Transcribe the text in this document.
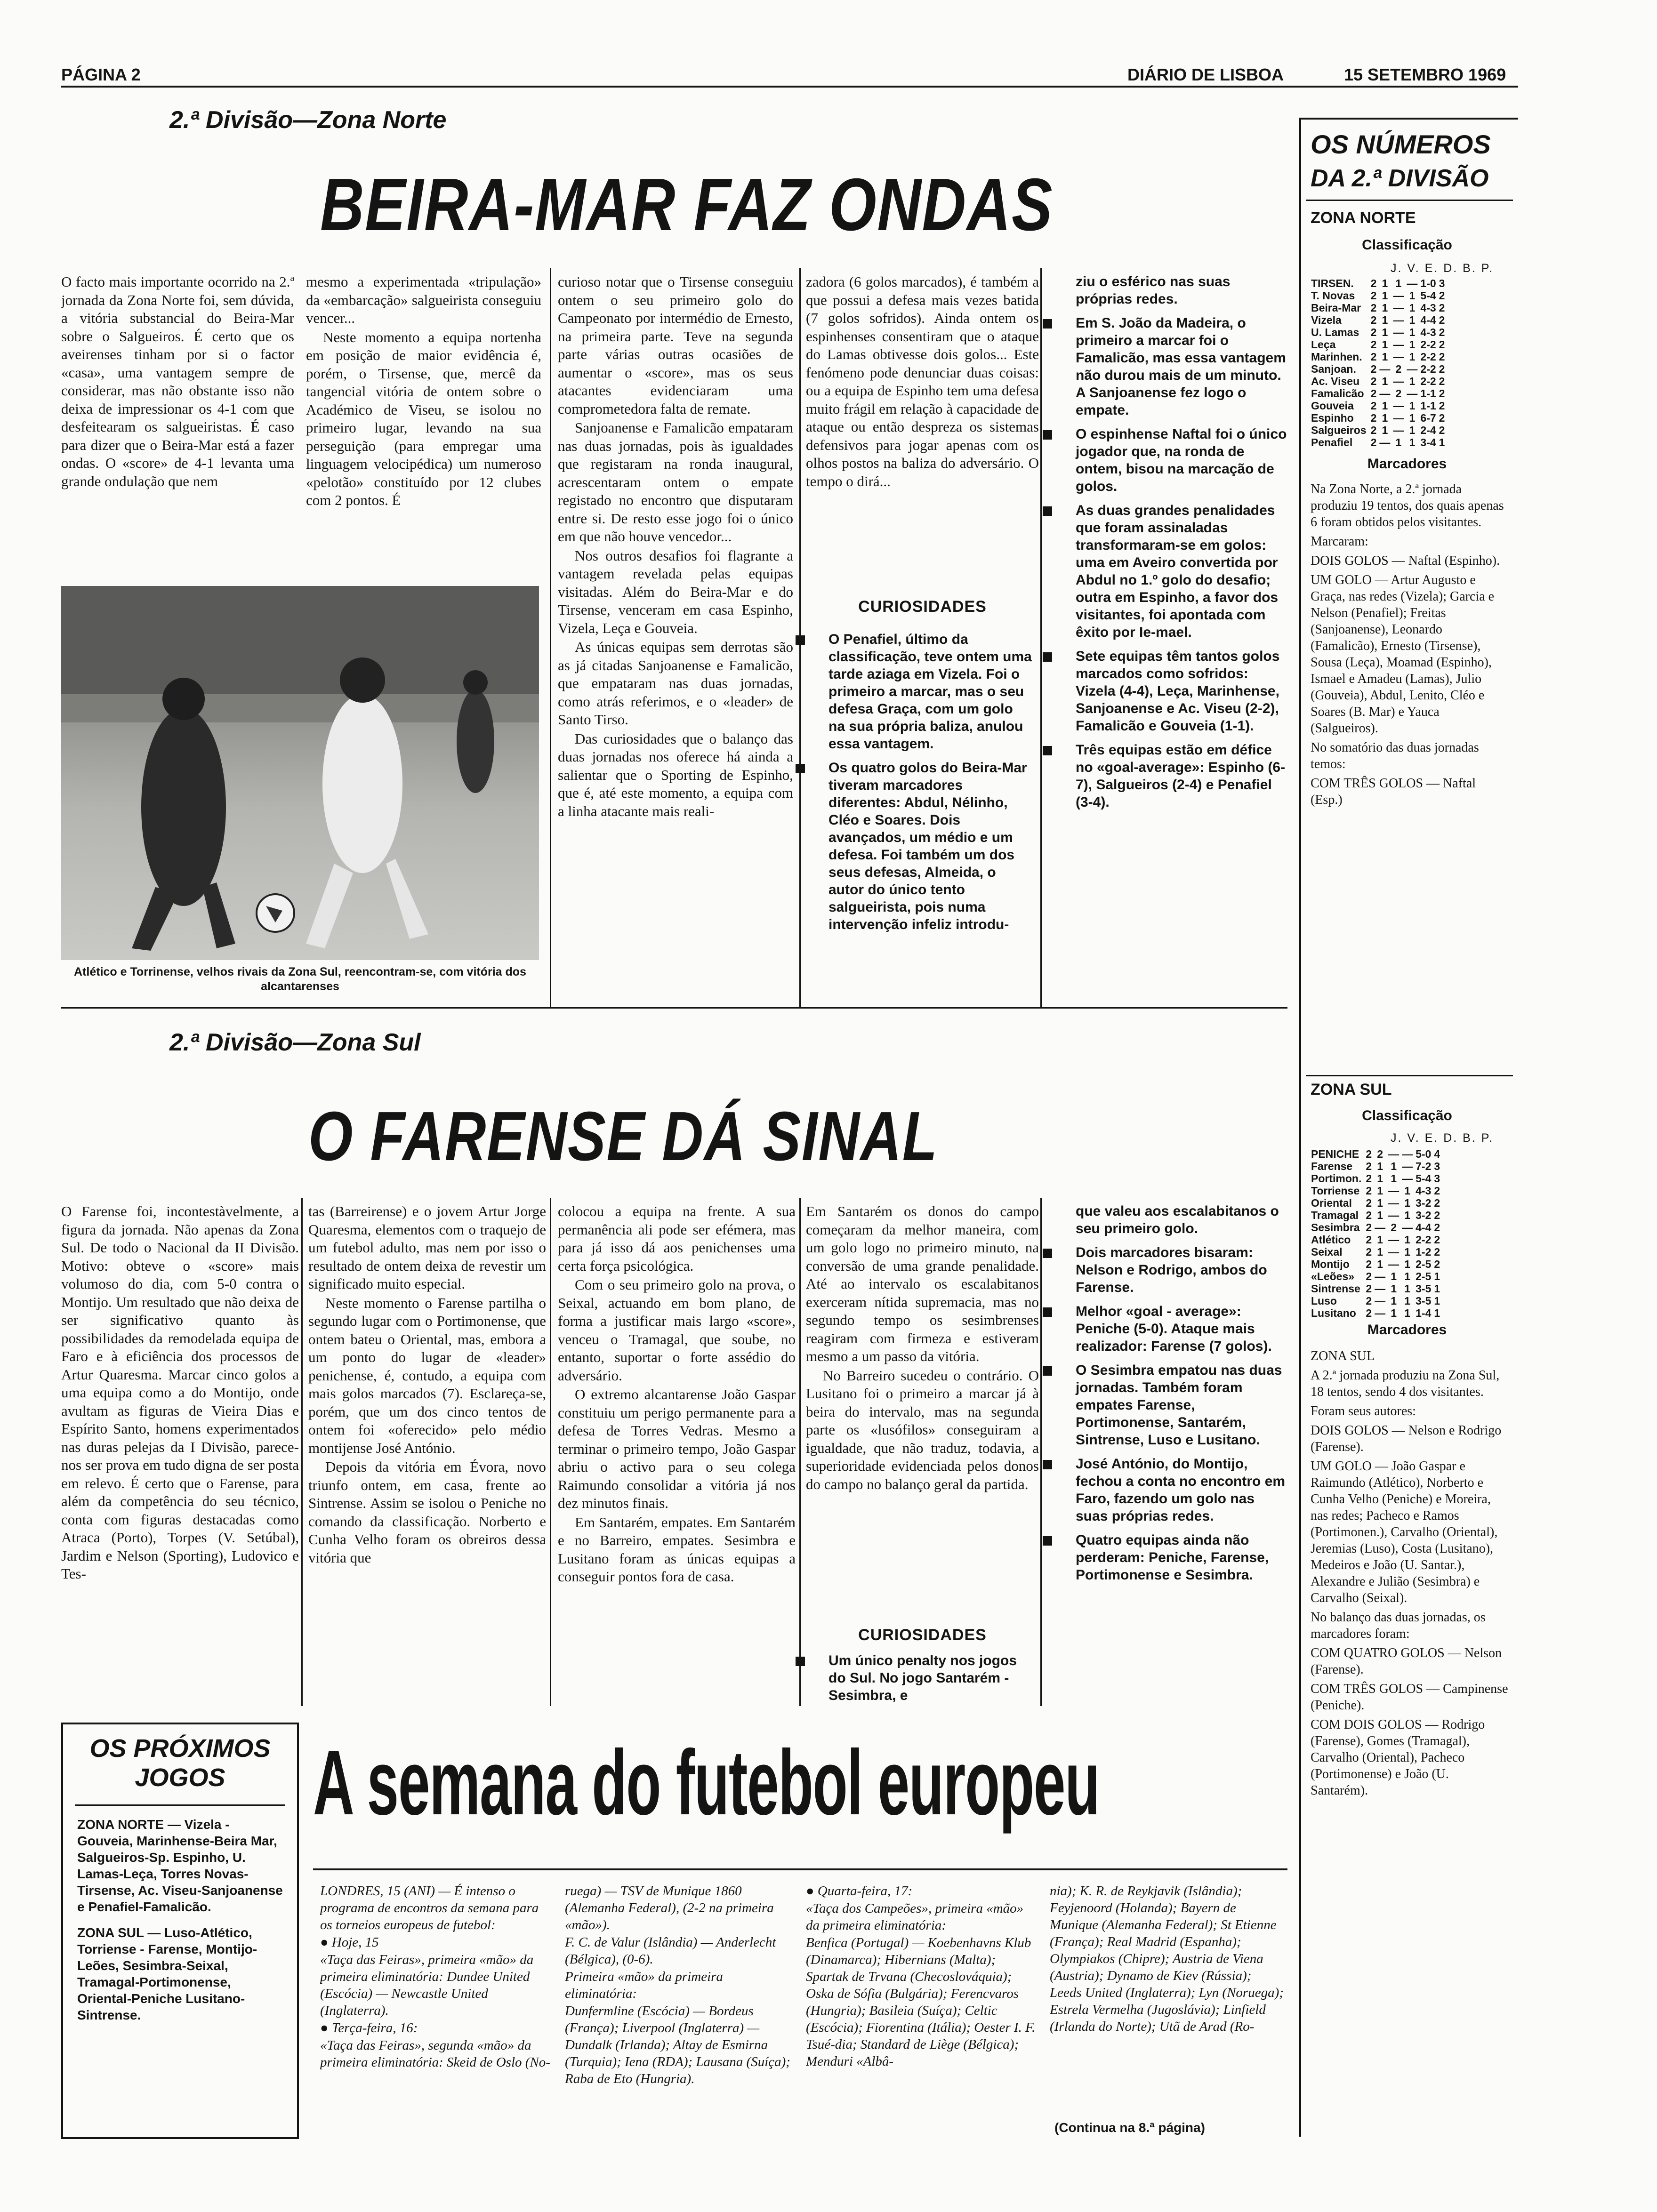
PÁGINA 2	DIÁRIO DE LISBOA	15 SETEMBRO 1969
2.ª Divisão—Zona Norte
BEIRA-MAR FAZ ONDAS

O facto mais importante ocorrido na 2.ª jornada da Zona Norte foi, sem dúvida, a vitória substancial do Beira-Mar sobre o Salgueiros. É certo que os aveirenses tinham por si o factor «casa», uma vantagem sempre de considerar, mas não obstante isso não deixa de impressionar os 4-1 com que desfeitearam os salgueiristas. É caso para dizer que o Beira-Mar está a fazer ondas. O «score» de 4-1 levanta uma grande ondulação que nem

mesmo a experimentada «tripulação» da «embarcação» salgueirista conseguiu vencer...

Neste momento a equipa nortenha em posição de maior evidência é, porém, o Tirsense, que, mercê da tangencial vitória de ontem sobre o Académico de Viseu, se isolou no primeiro lugar, levando na sua perseguição (para empregar uma linguagem velocipédica) um numeroso «pelotão» constituído por 12 clubes com 2 pontos. É

curioso notar que o Tirsense conseguiu ontem o seu primeiro golo do Campeonato por intermédio de Ernesto, na primeira parte. Teve na segunda parte várias outras ocasiões de aumentar o «score», mas os seus atacantes evidenciaram uma comprometedora falta de remate.

Sanjoanense e Famalicão empataram nas duas jornadas, pois às igualdades que registaram na ronda inaugural, acrescentaram ontem o empate registado no encontro que disputaram entre si. De resto esse jogo foi o único em que não houve vencedor...

Nos outros desafios foi flagrante a vantagem revelada pelas equipas visitadas. Além do Beira-Mar e do Tirsense, venceram em casa Espinho, Vizela, Leça e Gouveia.

As únicas equipas sem derrotas são as já citadas Sanjoanense e Famalicão, que empataram nas duas jornadas, como atrás referimos, e o «leader» de Santo Tirso.

Das curiosidades que o balanço das duas jornadas nos oferece há ainda a salientar que o Sporting de Espinho, que é, até este momento, a equipa com a linha atacante mais reali-

zadora (6 golos marcados), é também a que possui a defesa mais vezes batida (7 golos sofridos). Ainda ontem os espinhenses consentiram que o ataque do Lamas obtivesse dois golos... Este fenómeno pode denunciar duas coisas: ou a equipa de Espinho tem uma defesa muito frágil em relação à capacidade de ataque ou então despreza os sistemas defensivos para jogar apenas com os olhos postos na baliza do adversário. O tempo o dirá...

CURIOSIDADES
O Penafiel, último da classificação, teve ontem uma tarde aziaga em Vizela. Foi o primeiro a marcar, mas o seu defesa Graça, com um golo na sua própria baliza, anulou essa vantagem.
Os quatro golos do Beira-Mar tiveram marcadores diferentes: Abdul, Nélinho, Cléo e Soares. Dois avançados, um médio e um defesa. Foi também um dos seus defesas, Almeida, o autor do único tento salgueirista, pois numa intervenção infeliz introdu-
ziu o esférico nas suas próprias redes.
Em S. João da Madeira, o primeiro a marcar foi o Famalicão, mas essa vantagem não durou mais de um minuto. A Sanjoanense fez logo o empate.
O espinhense Naftal foi o único jogador que, na ronda de ontem, bisou na marcação de golos.
As duas grandes penalidades que foram assinaladas transformaram-se em golos: uma em Aveiro convertida por Abdul no 1.º golo do desafio; outra em Espinho, a favor dos visitantes, foi apontada com êxito por Ie-mael.
Sete equipas têm tantos golos marcados como sofridos: Vizela (4-4), Leça, Marinhense, Sanjoanense e Ac. Viseu (2-2), Famalicão e Gouveia (1-1).
Três equipas estão em défice no «goal-average»: Espinho (6-7), Salgueiros (2-4) e Penafiel (3-4).
Atlético e Torrinense, velhos rivais da Zona Sul, reencontram-se, com vitória dos alcantarenses
2.ª Divisão—Zona Sul
O FARENSE DÁ SINAL

O Farense foi, incontestàvelmente, a figura da jornada. Não apenas da Zona Sul. De todo o Nacional da II Divisão. Motivo: obteve o «score» mais volumoso do dia, com 5-0 contra o Montijo. Um resultado que não deixa de ser significativo quanto às possibilidades da remodelada equipa de Faro e à eficiência dos processos de Artur Quaresma. Marcar cinco golos a uma equipa como a do Montijo, onde avultam as figuras de Vieira Dias e Espírito Santo, homens experimentados nas duras pelejas da I Divisão, parece-nos ser prova em tudo digna de ser posta em relevo. É certo que o Farense, para além da competência do seu técnico, conta com figuras destacadas como Atraca (Porto), Torpes (V. Setúbal), Jardim e Nelson (Sporting), Ludovico e Tes-

tas (Barreirense) e o jovem Artur Jorge Quaresma, elementos com o traquejo de um futebol adulto, mas nem por isso o resultado de ontem deixa de revestir um significado muito especial.

Neste momento o Farense partilha o segundo lugar com o Portimonense, que ontem bateu o Oriental, mas, embora a um ponto do lugar de «leader» penichense, é, contudo, a equipa com mais golos marcados (7). Esclareça-se, porém, que um dos cinco tentos de ontem foi «oferecido» pelo médio montijense José António.

Depois da vitória em Évora, novo triunfo ontem, em casa, frente ao Sintrense. Assim se isolou o Peniche no comando da classificação. Norberto e Cunha Velho foram os obreiros dessa vitória que

colocou a equipa na frente. A sua permanência ali pode ser efémera, mas para já isso dá aos penichenses uma certa força psicológica.

Com o seu primeiro golo na prova, o Seixal, actuando em bom plano, de forma a justificar mais largo «score», venceu o Tramagal, que soube, no entanto, suportar o forte assédio do adversário.

O extremo alcantarense João Gaspar constituiu um perigo permanente para a defesa de Torres Vedras. Mesmo a terminar o primeiro tempo, João Gaspar abriu o activo para o seu colega Raimundo consolidar a vitória já nos dez minutos finais.

Em Santarém, empates. Em Santarém e no Barreiro, empates. Sesimbra e Lusitano foram as únicas equipas a conseguir pontos fora de casa.

Em Santarém os donos do campo começaram da melhor maneira, com um golo logo no primeiro minuto, na conversão de uma grande penalidade. Até ao intervalo os escalabitanos exerceram nítida supremacia, mas no segundo tempo os sesimbrenses reagiram com firmeza e estiveram mesmo a um passo da vitória.

No Barreiro sucedeu o contrário. O Lusitano foi o primeiro a marcar já à beira do intervalo, mas na segunda parte os «lusófilos» conseguiram a igualdade, que não traduz, todavia, a superioridade evidenciada pelos donos do campo no balanço geral da partida.

CURIOSIDADES
Um único penalty nos jogos do Sul. No jogo Santarém - Sesimbra, e
que valeu aos escalabitanos o seu primeiro golo.
Dois marcadores bisaram: Nelson e Rodrigo, ambos do Farense.
Melhor «goal - average»: Peniche (5-0). Ataque mais realizador: Farense (7 golos).
O Sesimbra empatou nas duas jornadas. Também foram empates Farense, Portimonense, Santarém, Sintrense, Luso e Lusitano.
José António, do Montijo, fechou a conta no encontro em Faro, fazendo um golo nas suas próprias redes.
Quatro equipas ainda não perderam: Peniche, Farense, Portimonense e Sesimbra.
OS PRÓXIMOS JOGOS
ZONA NORTE — Vizela - Gouveia, Marinhense-Beira Mar, Salgueiros-Sp. Espinho, U. Lamas-Leça, Torres Novas-Tirsense, Ac. Viseu-Sanjoanense e Penafiel-Famalicão.
ZONA SUL — Luso-Atlético, Torriense - Farense, Montijo-Leões, Sesimbra-Seixal, Tramagal-Portimonense, Oriental-Peniche Lusitano-Sintrense.
A semana do futebol europeu

LONDRES, 15 (ANI) — É intenso o programa de encontros da semana para os torneios europeus de futebol:

● Hoje, 15

«Taça das Feiras», primeira «mão» da primeira eliminatória: Dundee United (Escócia) — Newcastle United (Inglaterra).

● Terça-feira, 16:

«Taça das Feiras», segunda «mão» da primeira eliminatória: Skeid de Oslo (No-

ruega) — TSV de Munique 1860 (Alemanha Federal), (2-2 na primeira «mão»).

F. C. de Valur (Islândia) — Anderlecht (Bélgica), (0-6).

Primeira «mão» da primeira eliminatória:

Dunfermline (Escócia) — Bordeus (França); Liverpool (Inglaterra) — Dundalk (Irlanda); Altay de Esmirna (Turquia); Iena (RDA); Lausana (Suíça); Raba de Eto (Hungria).

● Quarta-feira, 17:

«Taça dos Campeões», primeira «mão» da primeira eliminatória:

Benfica (Portugal) — Koebenhavns Klub (Dinamarca); Hibernians (Malta); Spartak de Trvana (Checoslováquia); Oska de Sófia (Bulgária); Ferencvaros (Hungria); Basileia (Suíça); Celtic (Escócia); Fiorentina (Itália); Oester I. F. Tsué-dia; Standard de Liège (Bélgica); Menduri «Albâ-

nia); K. R. de Reykjavik (Islândia); Feyjenoord (Holanda); Bayern de Munique (Alemanha Federal); St Etienne (França); Real Madrid (Espanha); Olympiakos (Chipre); Austria de Viena (Austria); Dynamo de Kiev (Rússia); Leeds United (Inglaterra); Lyn (Noruega); Estrela Vermelha (Jugoslávia); Linfield (Irlanda do Norte); Utã de Arad (Ro-

(Continua na 8.ª página)
OS NÚMEROS
DA 2.ª DIVISÃO
ZONA NORTE
Classificação
J. V. E. D. B. P.
TIRSEN.	2	1	1	—	1-0	3
T. Novas	2	1	—	1	5-4	2
Beira-Mar	2	1	—	1	4-3	2
Vizela	2	1	—	1	4-4	2
U. Lamas	2	1	—	1	4-3	2
Leça	2	1	—	1	2-2	2
Marinhen.	2	1	—	1	2-2	2
Sanjoan.	2	—	2	—	2-2	2
Ac. Viseu	2	1	—	1	2-2	2
Famalicão	2	—	2	—	1-1	2
Gouveia	2	1	—	1	1-1	2
Espinho	2	1	—	1	6-7	2
Salgueiros	2	1	—	1	2-4	2
Penafiel	2	—	1	1	3-4	1
Marcadores

Na Zona Norte, a 2.ª jornada produziu 19 tentos, dos quais apenas 6 foram obtidos pelos visitantes.

Marcaram:

DOIS GOLOS — Naftal (Espinho).

UM GOLO — Artur Augusto e Graça, nas redes (Vizela); Garcia e Nelson (Penafiel); Freitas (Sanjoanense), Leonardo (Famalicão), Ernesto (Tirsense), Sousa (Leça), Moamad (Espinho), Ismael e Amadeu (Lamas), Julio (Gouveia), Abdul, Lenito, Cléo e Soares (B. Mar) e Yauca (Salgueiros).

No somatório das duas jornadas temos:

COM TRÊS GOLOS — Naftal (Esp.)

ZONA SUL
Classificação
J. V. E. D. B. P.
PENICHE	2	2	—	—	5-0	4
Farense	2	1	1	—	7-2	3
Portimon.	2	1	1	—	5-4	3
Torriense	2	1	—	1	4-3	2
Oriental	2	1	—	1	3-2	2
Tramagal	2	1	—	1	3-2	2
Sesimbra	2	—	2	—	4-4	2
Atlético	2	1	—	1	2-2	2
Seixal	2	1	—	1	1-2	2
Montijo	2	1	—	1	2-5	2
«Leões»	2	—	1	1	2-5	1
Sintrense	2	—	1	1	3-5	1
Luso	2	—	1	1	3-5	1
Lusitano	2	—	1	1	1-4	1
Marcadores

ZONA SUL

A 2.ª jornada produziu na Zona Sul, 18 tentos, sendo 4 dos visitantes.

Foram seus autores:

DOIS GOLOS — Nelson e Rodrigo (Farense).

UM GOLO — João Gaspar e Raimundo (Atlético), Norberto e Cunha Velho (Peniche) e Moreira, nas redes; Pacheco e Ramos (Portimonen.), Carvalho (Oriental), Jeremias (Luso), Costa (Lusitano), Medeiros e João (U. Santar.), Alexandre e Julião (Sesimbra) e Carvalho (Seixal).

No balanço das duas jornadas, os marcadores foram:

COM QUATRO GOLOS — Nelson (Farense).

COM TRÊS GOLOS — Campinense (Peniche).

COM DOIS GOLOS — Rodrigo (Farense), Gomes (Tramagal), Carvalho (Oriental), Pacheco (Portimonense) e João (U. Santarém).
